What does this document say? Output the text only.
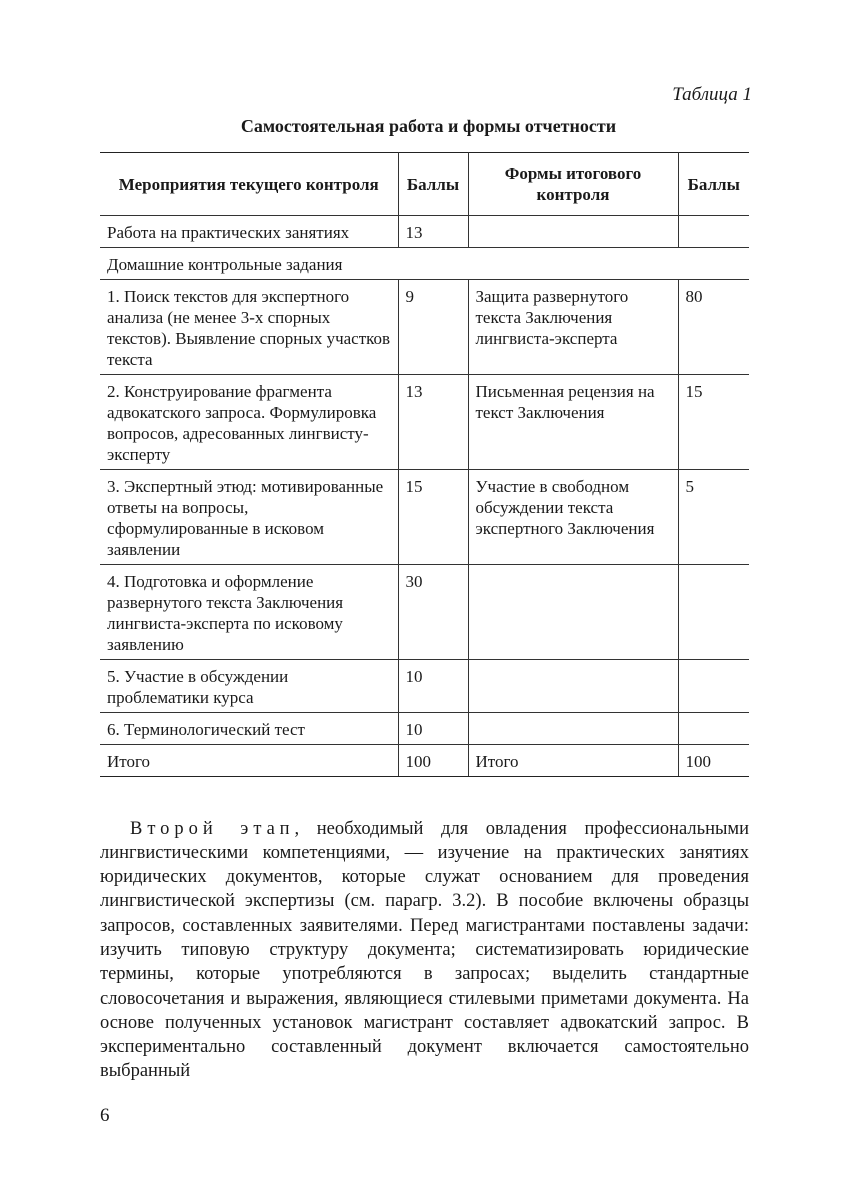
Таблица 1
Самостоятельная работа и формы отчетности
Мероприятия текущего контроля	Баллы	Формы итогового контроля	Баллы
Работа на практических занятиях	13		
Домашние контрольные задания			
1. Поиск текстов для экспертного анализа (не менее 3-х спорных текстов). Выявление спорных участков текста	9	Защита развернутого текста Заключения лингвиста-эксперта	80
2. Конструирование фрагмента адвокатского запроса. Формулировка вопросов, адресованных лингвисту-эксперту	13	Письменная рецензия на текст Заключения	15
3. Экспертный этюд: мотивированные ответы на вопросы, сформулированные в исковом заявлении	15	Участие в свободном обсуждении текста экспертного Заключения	5
4. Подготовка и оформление развернутого текста Заключения лингвиста-эксперта по исковому заявлению	30		
5. Участие в обсуждении проблематики курса	10		
6. Терминологический тест	10		
Итого	100	Итого	100

Второй этап, необходимый для овладения профессиональными лингвистическими компетенциями, — изучение на практических занятиях юридических документов, которые служат основанием для проведения лингвистической экспертизы (см. парагр. 3.2). В пособие включены образцы запросов, составленных заявителями. Перед магистрантами поставлены задачи: изучить типовую структуру документа; систематизировать юридические термины, которые употребляются в запросах; выделить стандартные словосочетания и выражения, являющиеся стилевыми приметами документа. На основе полученных установок магистрант составляет адвокатский запрос. В экспериментально составленный документ включается самостоятельно выбранный

6
